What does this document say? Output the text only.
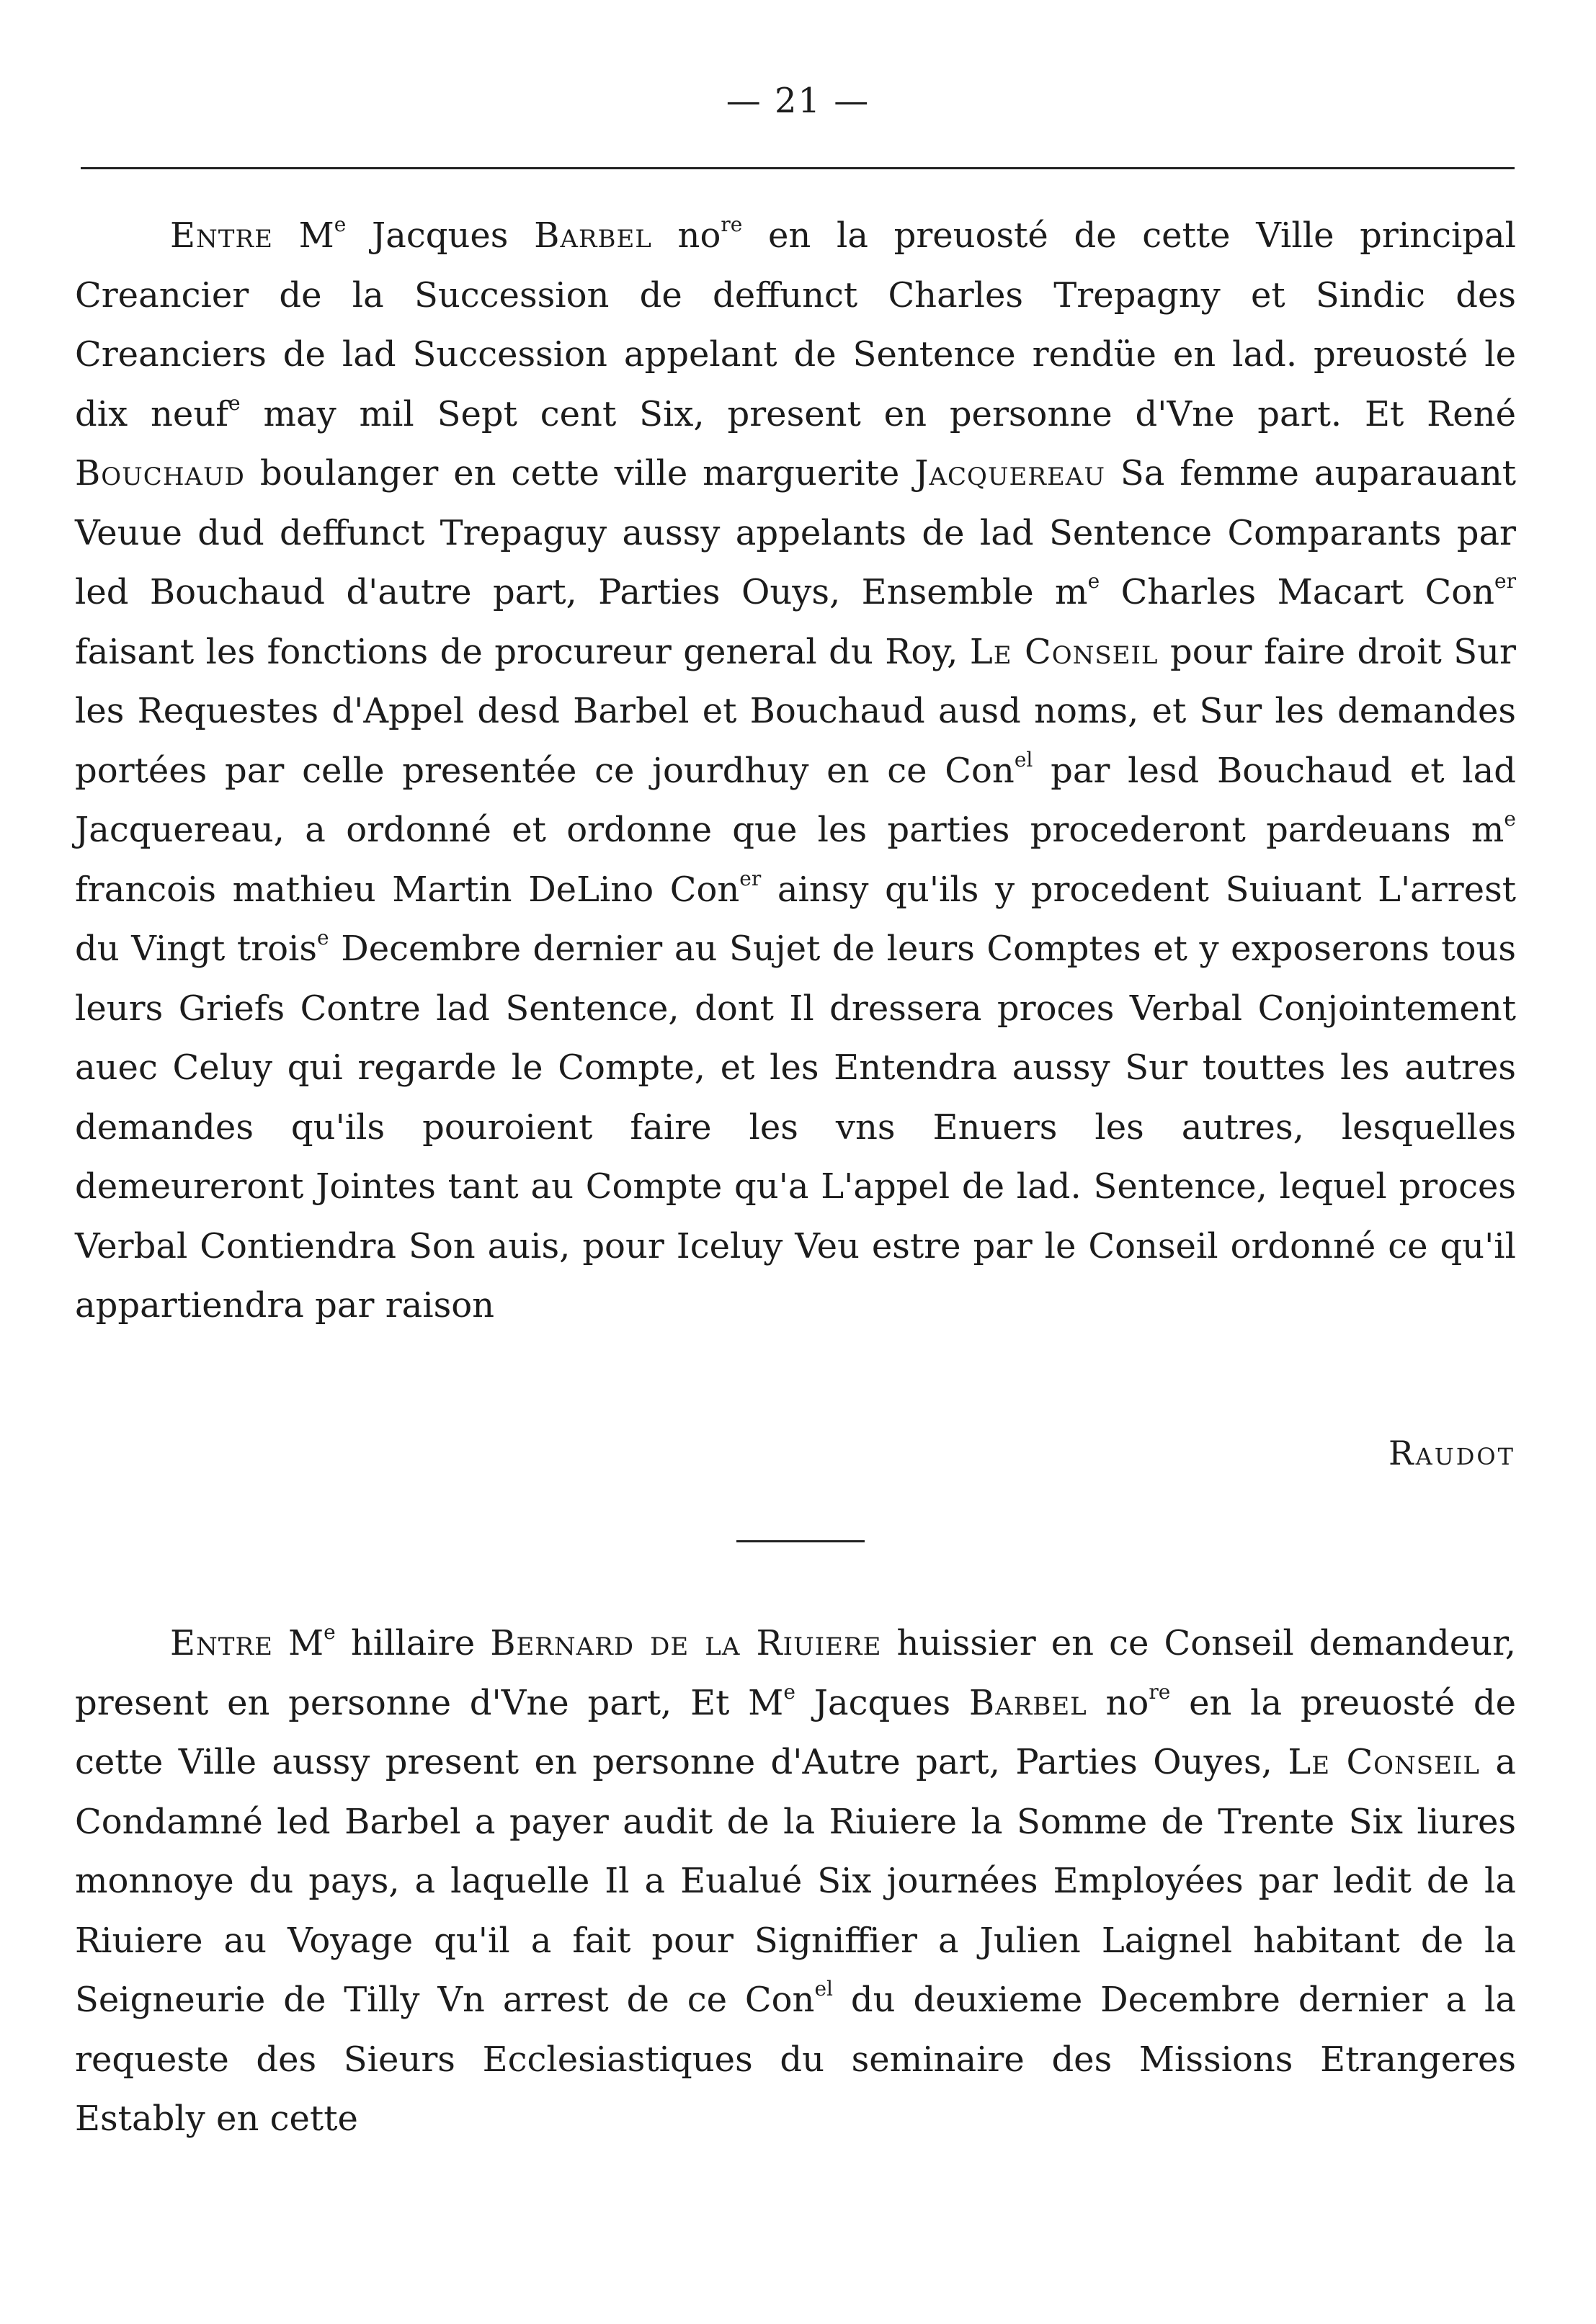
— 21 —

Entre Me Jacques Barbel $no^{re}$ en la preuosté de cette Ville principal Creancier de la Succession de deffunct Charles Trepagny et Sindic des Creanciers de lad Succession appelant de Sentence rendüe en lad. preuosté le dix neuf$^e$ may mil Sept cent Six, present en personne d'Vne part. Et René Bouchaud boulanger en cette ville marguerite Jacquereau Sa femme auparauant Veuue dud deffunct Trepaguy aussy appelants de lad Sentence Comparants par led Bouchaud d'autre part, Parties Ouys, Ensemble $m^e$ Charles Macart Con$^{er}$ faisant les fonctions de procureur general du Roy, Le Conseil pour faire droit Sur les Requestes d'Appel desd Barbel et Bouchaud ausd noms, et Sur les demandes portées par celle presentée ce jourdhuy en ce Con$^{el}$ par lesd Bouchaud et lad Jacquereau, a ordonné et ordonne que les parties procederont pardeuans $m^e$ francois mathieu Martin DeLino Con$^{er}$ ainsy qu'ils y procedent Suiuant L'arrest du Vingt trois$^e$ Decembre dernier au Sujet de leurs Comptes et y exposerons tous leurs Griefs Contre lad Sentence, dont Il dressera proces Verbal Conjointement auec Celuy qui regarde le Compte, et les Entendra aussy Sur touttes les autres demandes qu'ils pouroient faire les vns Enuers les autres, lesquelles demeureront Jointes tant au Compte qu'a L'appel de lad. Sentence, lequel proces Verbal Contiendra Son auis, pour Iceluy Veu estre par le Conseil ordonné ce qu'il appartiendra par raison

Raudot

Entre Me hillaire Bernard de la Riuiere huissier en ce Conseil demandeur, present en personne d'Vne part, Et Me Jacques Barbel $no^{re}$ en la preuosté de cette Ville aussy present en personne d'Autre part, Parties Ouyes, Le Conseil a Condamné led Barbel a payer audit de la Riuiere la Somme de Trente Six liures monnoye du pays, a laquelle Il a Eualué Six journées Employées par ledit de la Riuiere au Voyage qu'il a fait pour Signiffier a Julien Laignel habitant de la Seigneurie de Tilly Vn arrest de ce Con$^{el}$ du deuxieme Decembre dernier a la requeste des Sieurs Ecclesiastiques du seminaire des Missions Etrangeres Estably en cette
